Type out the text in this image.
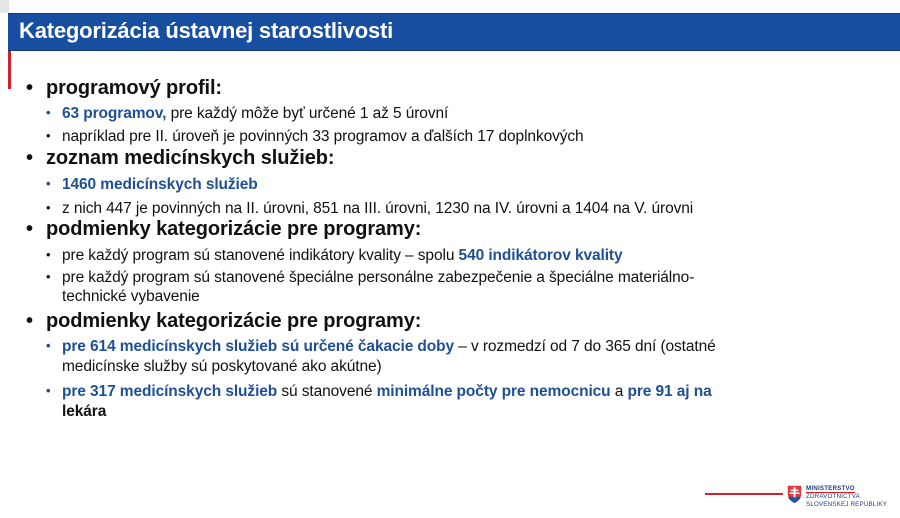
Kategorizácia ústavnej starostlivosti
• programový profil:
• 63 programov, pre každý môže byť určené 1 až 5 úrovní
• napríklad pre II. úroveň je povinných 33 programov a ďalších 17 doplnkových
• zoznam medicínskych služieb:
• 1460 medicínskych služieb
• z nich 447 je povinných na II. úrovni, 851 na III. úrovni, 1230 na IV. úrovni a 1404 na V. úrovni
• podmienky kategorizácie pre programy:
• pre každý program sú stanovené indikátory kvality – spolu 540 indikátorov kvality
• pre každý program sú stanovené špeciálne personálne zabezpečenie a špeciálne materiálno-
technické vybavenie
• podmienky kategorizácie pre programy:
• pre 614 medicínskych služieb sú určené čakacie doby – v rozmedzí od 7 do 365 dní (ostatné
medicínske služby sú poskytované ako akútne)
• pre 317 medicínskych služieb sú stanovené minimálne počty pre nemocnicu a pre 91 aj na
lekára
MINISTERSTVO
ZDRAVOTNÍCTVA
SLOVENSKEJ REPUBLIKY
